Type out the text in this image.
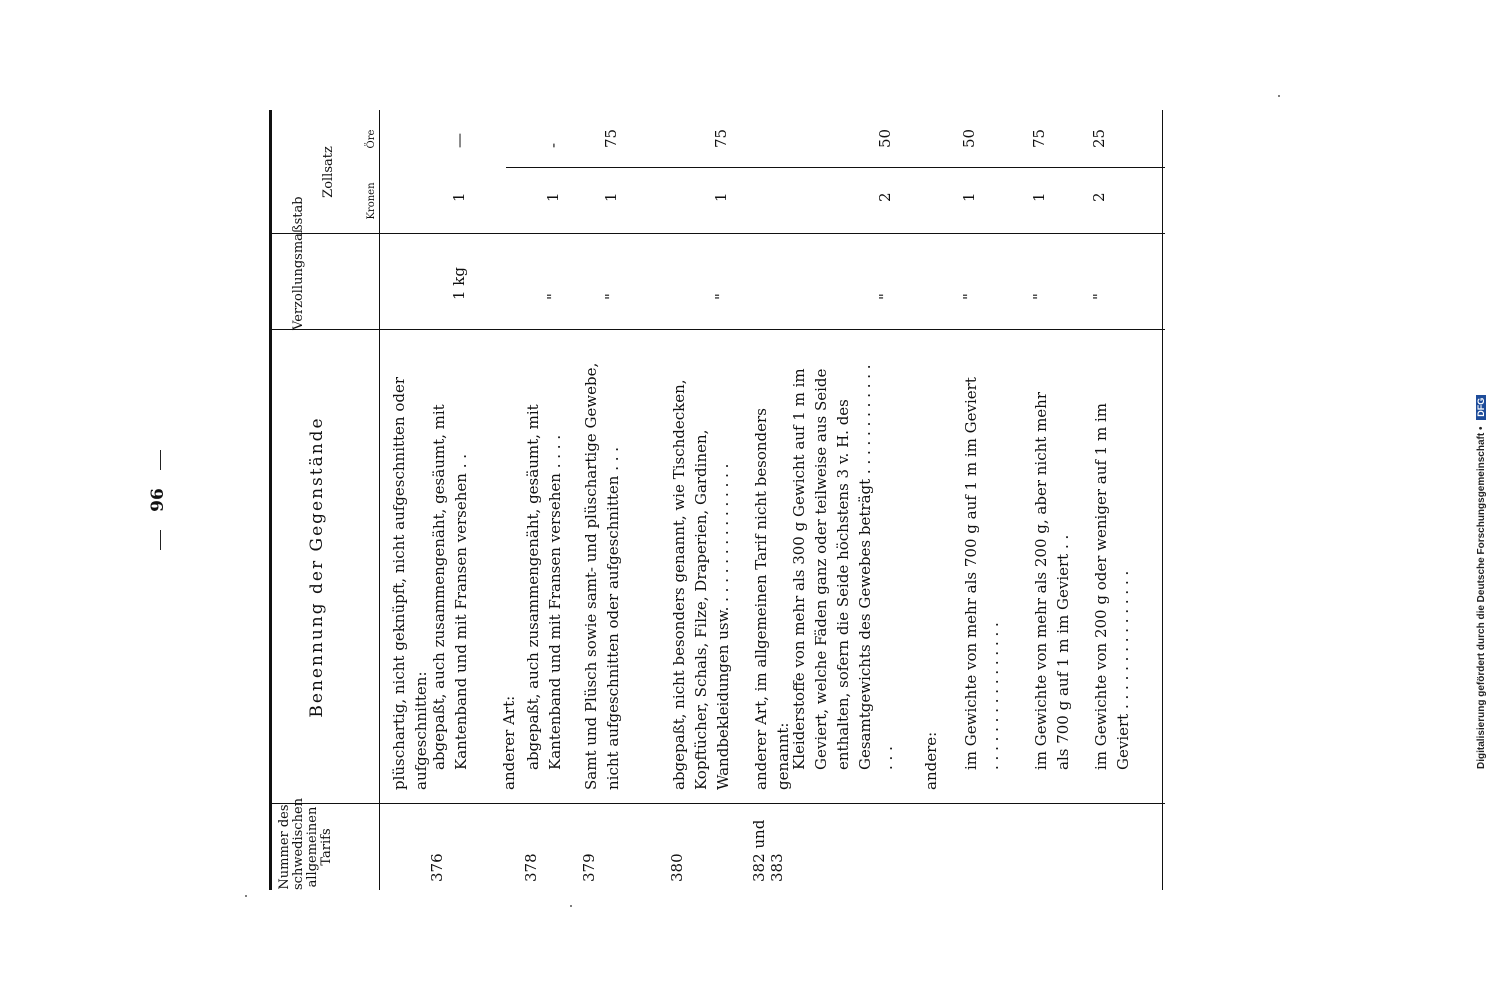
96	Digitalisierung gefördert durch die Deutsche Forschungsgemeinschaft • DFG
Nummer des schwedischen allgemeinen Tarifs
Benennung der Gegenstände
Verzollungsmaßstab
Zollsatz
Kronen
Öre
plüschartig, nicht geknüpft, nicht aufgeschnitten oder aufgeschnitten: abgepaßt, auch zusammengenäht, gesäumt, mit Kantenband und mit Fransen versehen . .
376
1 kg
1
—
anderer Art: abgepaßt, auch zusammengenäht, gesäumt, mit Kantenband und mit Fransen versehen . . . .
378
"
1
-
Samt und Plüsch sowie samt- und plüschartige Gewebe, nicht aufgeschnitten oder aufgeschnitten . . .
379
"
1
75
abgepaßt, nicht besonders genannt, wie Tischdecken, Kopftücher, Schals, Filze, Draperien, Gardinen, Wandbekleidungen usw. . . . . . . . . . . . . . . .
380
"
1
75
anderer Art, im allgemeinen Tarif nicht besonders genannt:
382 und 383
Kleiderstoffe von mehr als 300 g Gewicht auf 1 m im Geviert, welche Fäden ganz oder teilweise aus Seide enthalten, sofern die Seide höchstens 3 v. H. des Gesamtgewichts des Gewebes beträgt . . . . . . . . . . . . . . .
"
2
50
andere: im Gewichte von mehr als 700 g auf 1 m im Geviert . . . . . . . . . . . . . . . .
"
1
50
im Gewichte von mehr als 200 g, aber nicht mehr als 700 g auf 1 m im Geviert . .
"
1
75
im Gewichte von 200 g oder weniger auf 1 m im Geviert . . . . . . . . . . . . . . .
"
2
25
